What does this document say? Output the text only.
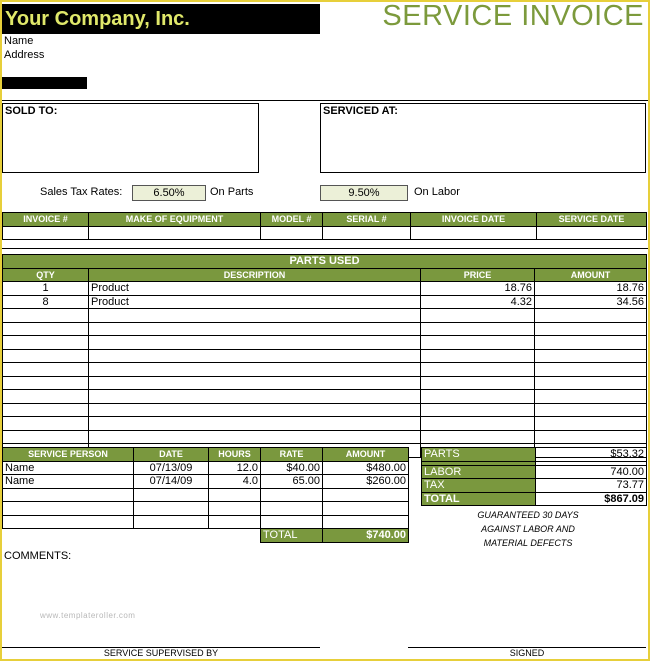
Your Company, Inc.	SERVICE INVOICE
Name
Address
SOLD TO:	SERVICED AT:
Sales Tax Rates:	6.50%	On Parts	9.50%	On Labor
INVOICE #	MAKE OF EQUIPMENT	MODEL #	SERIAL #	INVOICE DATE	SERVICE DATE

PARTS USED			
QTY	DESCRIPTION	PRICE	AMOUNT
1	Product	18.76	18.76
8	Product	4.32	34.56

SERVICE PERSON	DATE	HOURS	RATE	AMOUNT
Name	07/13/09	12.0	$40.00	$480.00
Name	07/14/09	4.0	65.00	$260.00

			TOTAL	$740.00
PARTS	$53.32

LABOR	740.00
TAX	73.77
TOTAL	$867.09
GUARANTEED 30 DAYS
AGAINST LABOR AND
MATERIAL DEFECTS
COMMENTS:
www.templateroller.com
SERVICE SUPERVISED BY	SIGNED
